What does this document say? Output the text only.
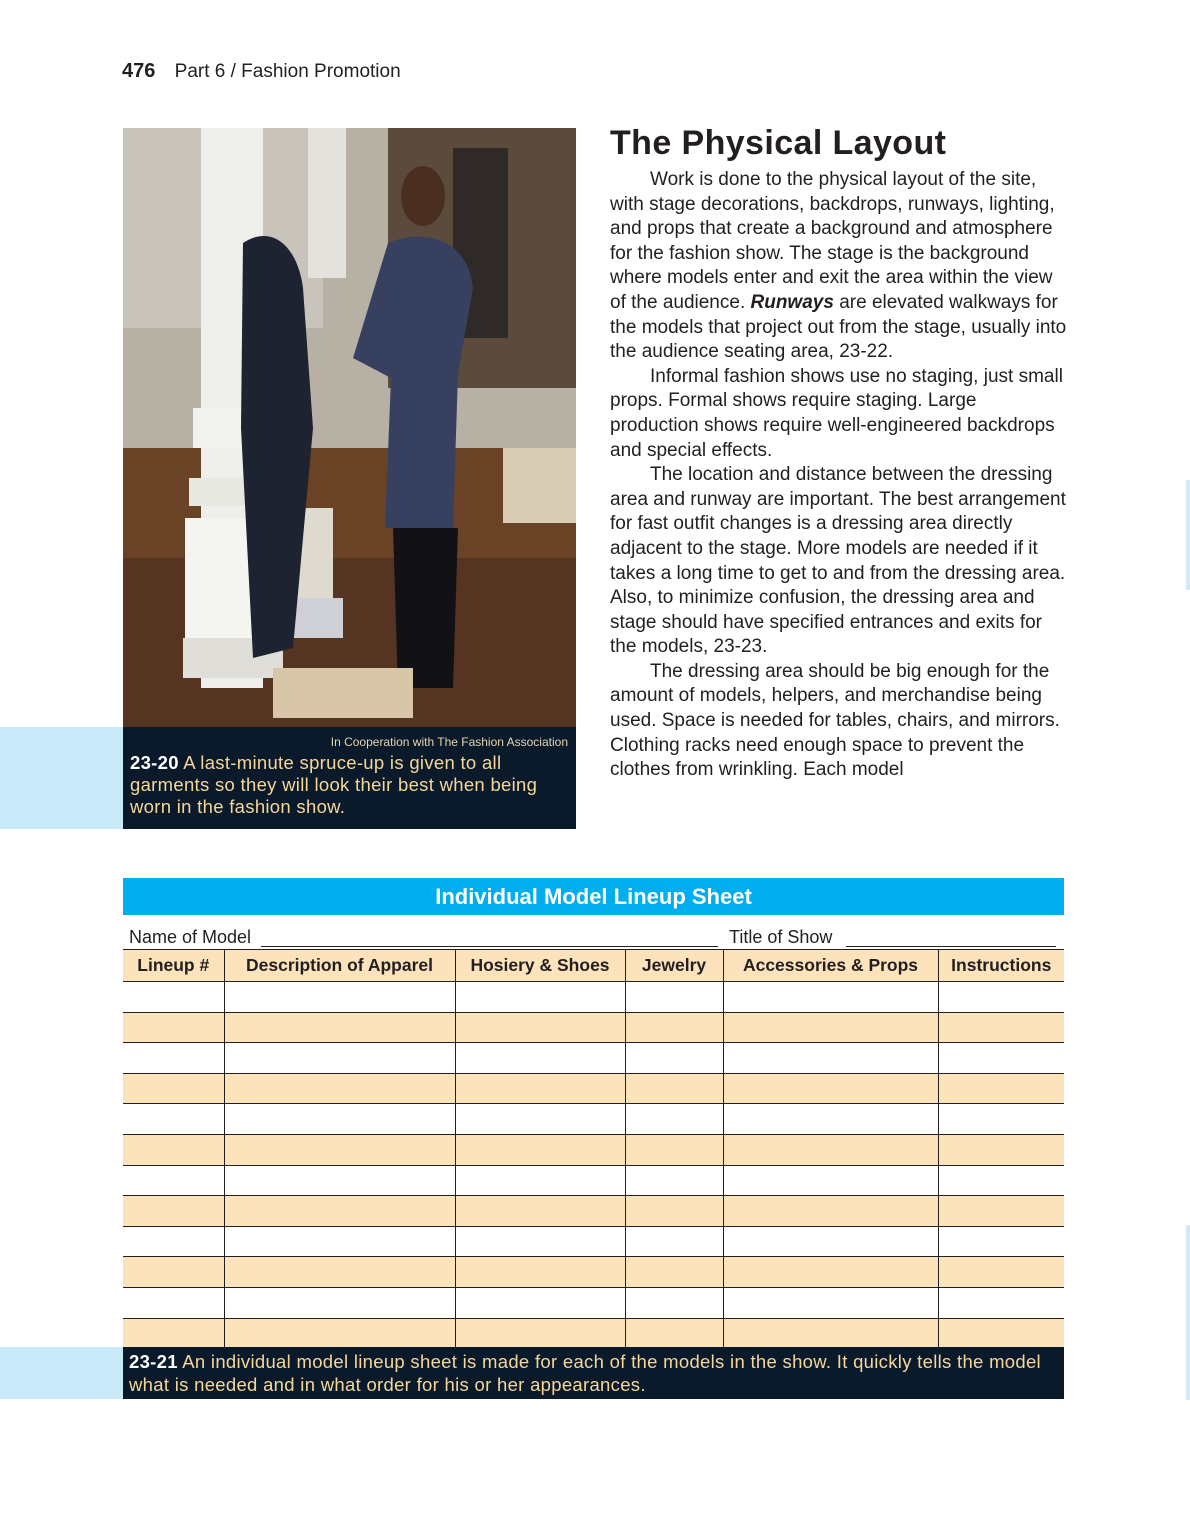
476 Part 6 / Fashion Promotion
In Cooperation with The Fashion Association
23-20 A last-minute spruce-up is given to all garments so they will look their best when being worn in the fashion show.
The Physical Layout

Work is done to the physical layout of the site, with stage decorations, backdrops, runways, lighting, and props that create a background and atmosphere for the fashion show. The stage is the background where models enter and exit the area within the view of the audience. Runways are elevated walkways for the models that project out from the stage, usually into the audience seating area, 23-22.

Informal fashion shows use no staging, just small props. Formal shows require staging. Large production shows require well-engineered backdrops and special effects.

The location and distance between the dressing area and runway are important. The best arrangement for fast outfit changes is a dressing area directly adjacent to the stage. More models are needed if it takes a long time to get to and from the dressing area. Also, to minimize confusion, the dressing area and stage should have specified entrances and exits for the models, 23-23.

The dressing area should be big enough for the amount of models, helpers, and merchandise being used. Space is needed for tables, chairs, and mirrors. Clothing racks need enough space to prevent the clothes from wrinkling. Each model

Individual Model Lineup Sheet
Name of Model	Title of Show
Lineup #	Description of Apparel	Hosiery & Shoes	Jewelry	Accessories & Props	Instructions

23-21 An individual model lineup sheet is made for each of the models in the show. It quickly tells the model what is needed and in what order for his or her appearances.
